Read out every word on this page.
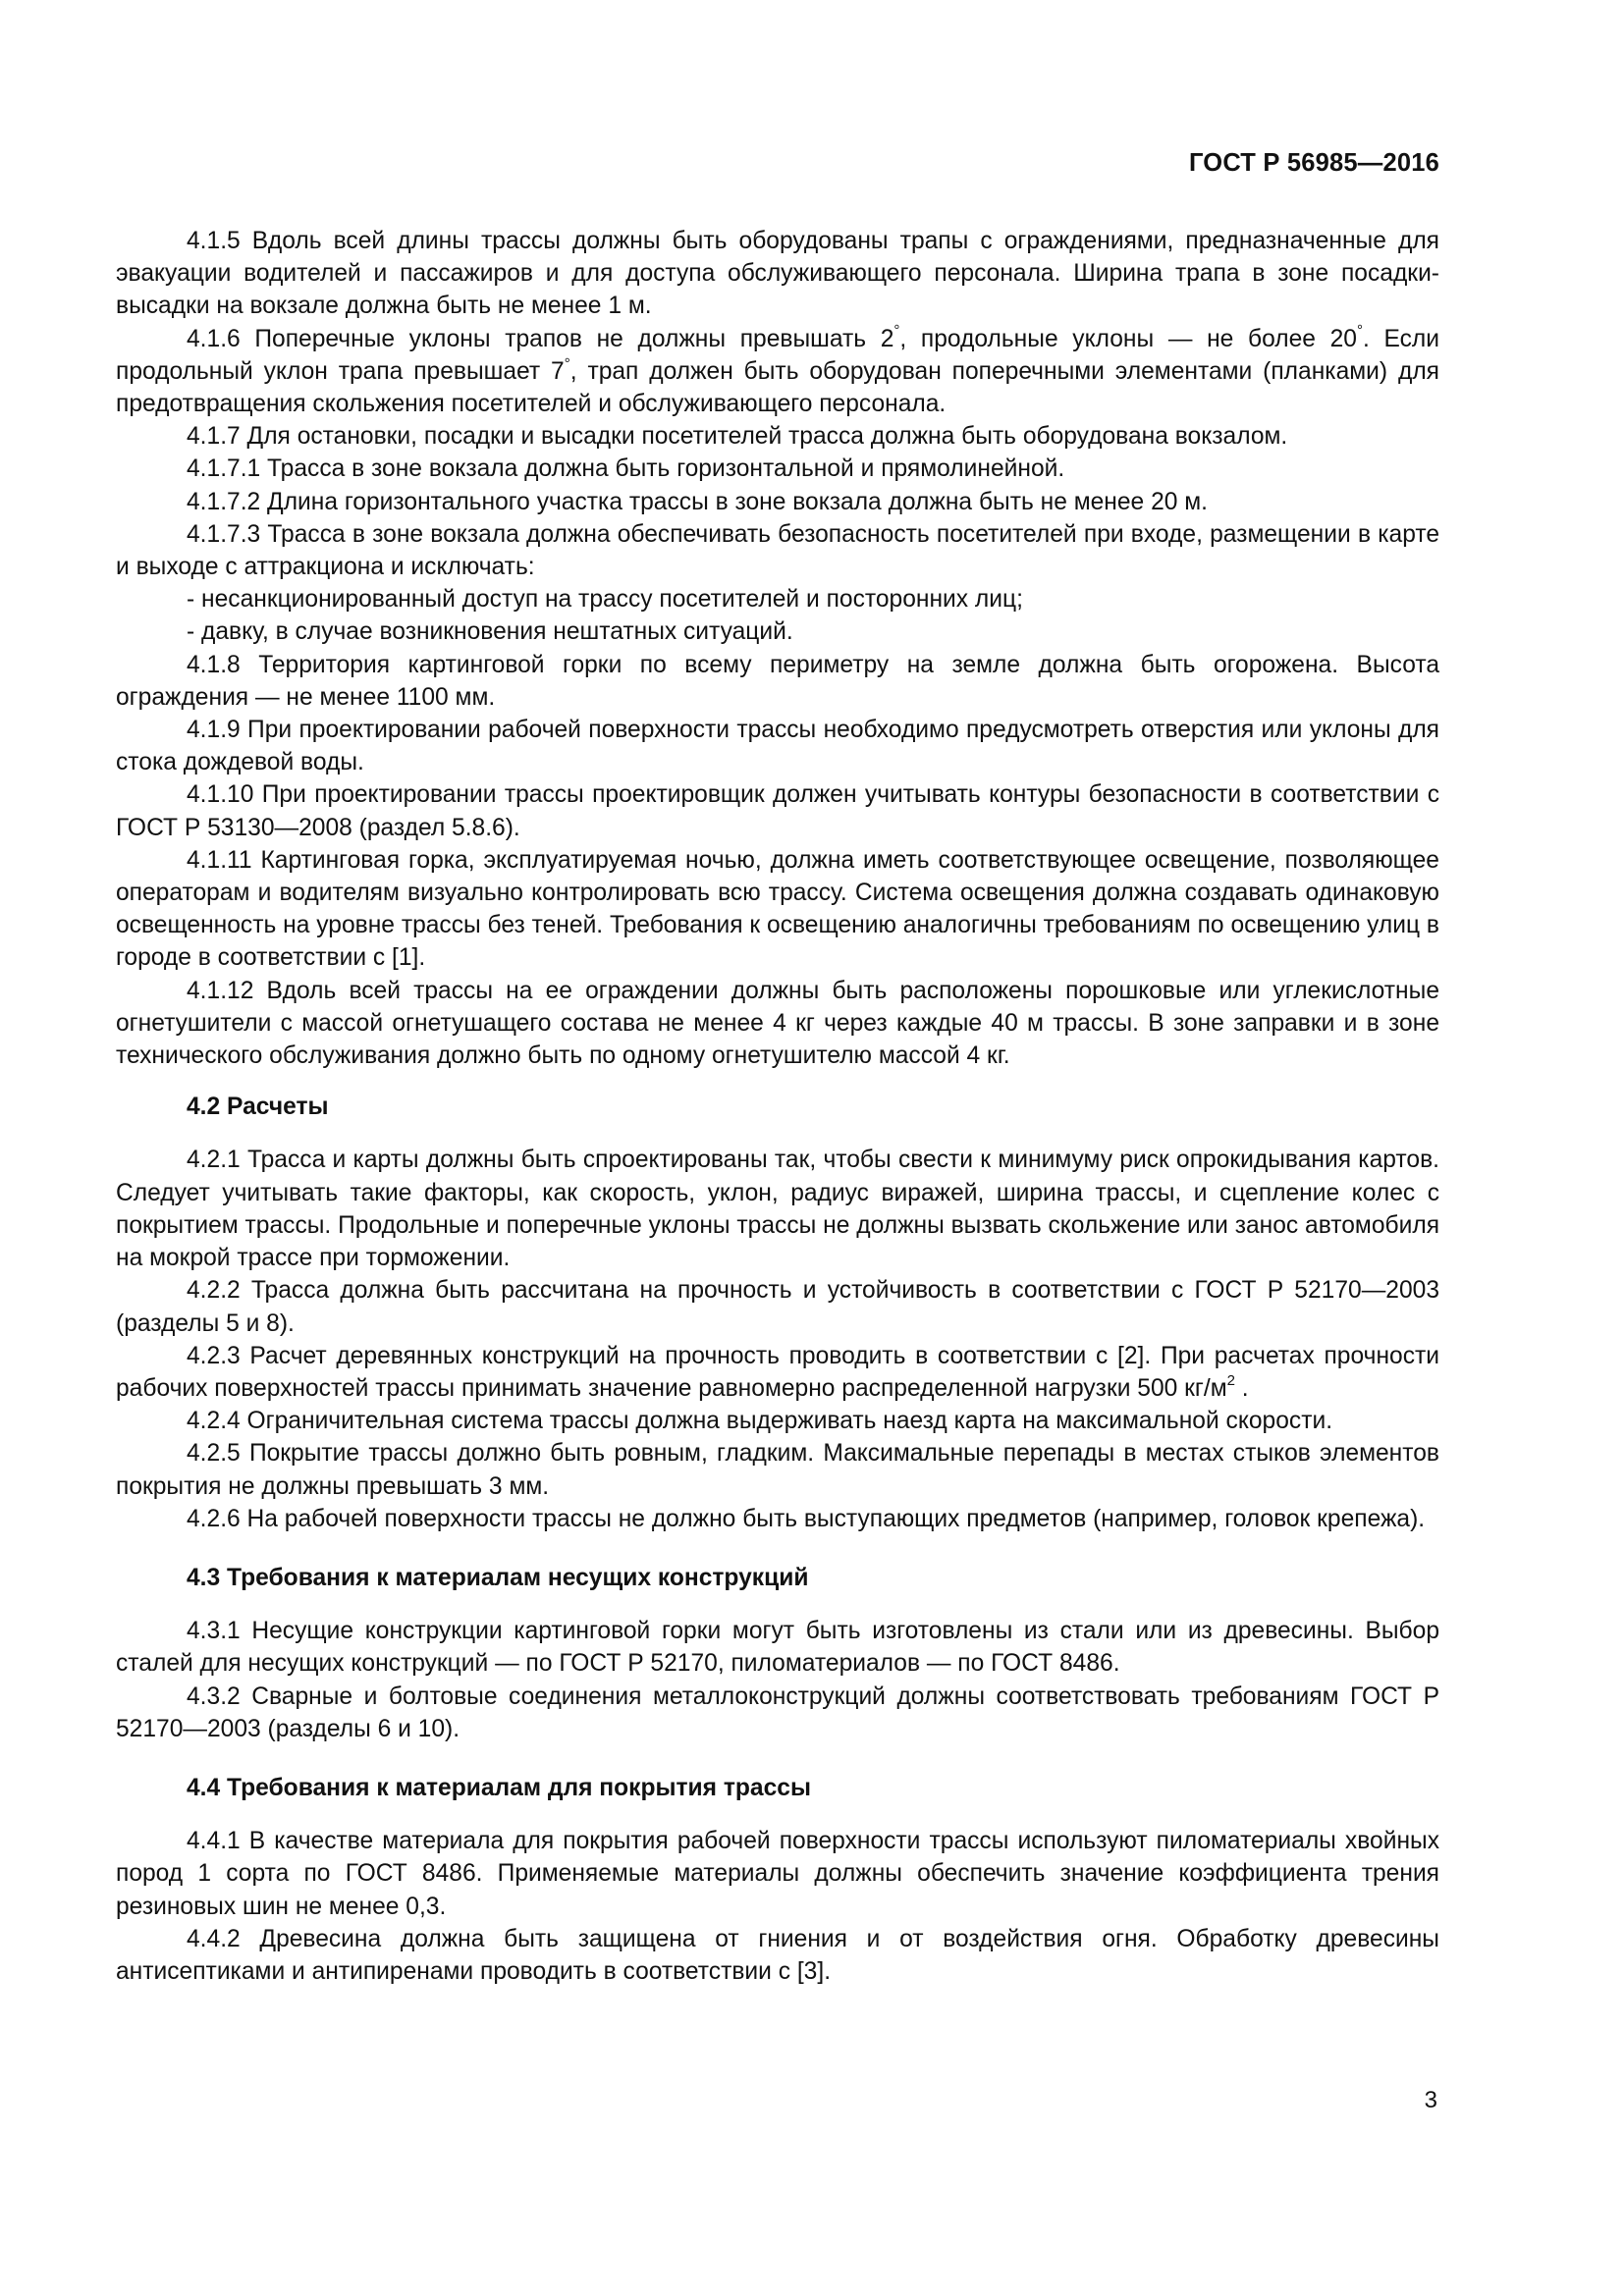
ГОСТ Р 56985—2016

4.1.5 Вдоль всей длины трассы должны быть оборудованы трапы с ограждениями, предназначенные для эвакуации водителей и пассажиров и для доступа обслуживающего персонала. Ширина трапа в зоне посадки-высадки на вокзале должна быть не менее 1 м.

4.1.6 Поперечные уклоны трапов не должны превышать 2°, продольные уклоны — не более 20°. Если продольный уклон трапа превышает 7°, трап должен быть оборудован поперечными элементами (планками) для предотвращения скольжения посетителей и обслуживающего персонала.

4.1.7 Для остановки, посадки и высадки посетителей трасса должна быть оборудована вокзалом.

4.1.7.1 Трасса в зоне вокзала должна быть горизонтальной и прямолинейной.

4.1.7.2 Длина горизонтального участка трассы в зоне вокзала должна быть не менее 20 м.

4.1.7.3 Трасса в зоне вокзала должна обеспечивать безопасность посетителей при входе, размещении в карте и выходе с аттракциона и исключать:

- несанкционированный доступ на трассу посетителей и посторонних лиц;

- давку, в случае возникновения нештатных ситуаций.

4.1.8 Территория картинговой горки по всему периметру на земле должна быть огорожена. Высота ограждения — не менее 1100 мм.

4.1.9 При проектировании рабочей поверхности трассы необходимо предусмотреть отверстия или уклоны для стока дождевой воды.

4.1.10 При проектировании трассы проектировщик должен учитывать контуры безопасности в соответствии с ГОСТ Р 53130—2008 (раздел 5.8.6).

4.1.11 Картинговая горка, эксплуатируемая ночью, должна иметь соответствующее освещение, позволяющее операторам и водителям визуально контролировать всю трассу. Система освещения должна создавать одинаковую освещенность на уровне трассы без теней. Требования к освещению аналогичны требованиям по освещению улиц в городе в соответствии с [1].

4.1.12 Вдоль всей трассы на ее ограждении должны быть расположены порошковые или углекислотные огнетушители с массой огнетушащего состава не менее 4 кг через каждые 40 м трассы. В зоне заправки и в зоне технического обслуживания должно быть по одному огнетушителю массой 4 кг.

4.2 Расчеты

4.2.1 Трасса и карты должны быть спроектированы так, чтобы свести к минимуму риск опрокидывания картов. Следует учитывать такие факторы, как скорость, уклон, радиус виражей, ширина трассы, и сцепление колес с покрытием трассы. Продольные и поперечные уклоны трассы не должны вызвать скольжение или занос автомобиля на мокрой трассе при торможении.

4.2.2 Трасса должна быть рассчитана на прочность и устойчивость в соответствии с ГОСТ Р 52170—2003 (разделы 5 и 8).

4.2.3 Расчет деревянных конструкций на прочность проводить в соответствии с [2]. При расчетах прочности рабочих поверхностей трассы принимать значение равномерно распределенной нагрузки 500 $кг/м^2$ .

4.2.4 Ограничительная система трассы должна выдерживать наезд карта на максимальной скорости.

4.2.5 Покрытие трассы должно быть ровным, гладким. Максимальные перепады в местах стыков элементов покрытия не должны превышать 3 мм.

4.2.6 На рабочей поверхности трассы не должно быть выступающих предметов (например, головок крепежа).

4.3 Требования к материалам несущих конструкций

4.3.1 Несущие конструкции картинговой горки могут быть изготовлены из стали или из древесины. Выбор сталей для несущих конструкций — по ГОСТ Р 52170, пиломатериалов — по ГОСТ 8486.

4.3.2 Сварные и болтовые соединения металлоконструкций должны соответствовать требованиям ГОСТ Р 52170—2003 (разделы 6 и 10).

4.4 Требования к материалам для покрытия трассы

4.4.1 В качестве материала для покрытия рабочей поверхности трассы используют пиломатериалы хвойных пород 1 сорта по ГОСТ 8486. Применяемые материалы должны обеспечить значение коэффициента трения резиновых шин не менее 0,3.

4.4.2 Древесина должна быть защищена от гниения и от воздействия огня. Обработку древесины антисептиками и антипиренами проводить в соответствии с [3].

3
